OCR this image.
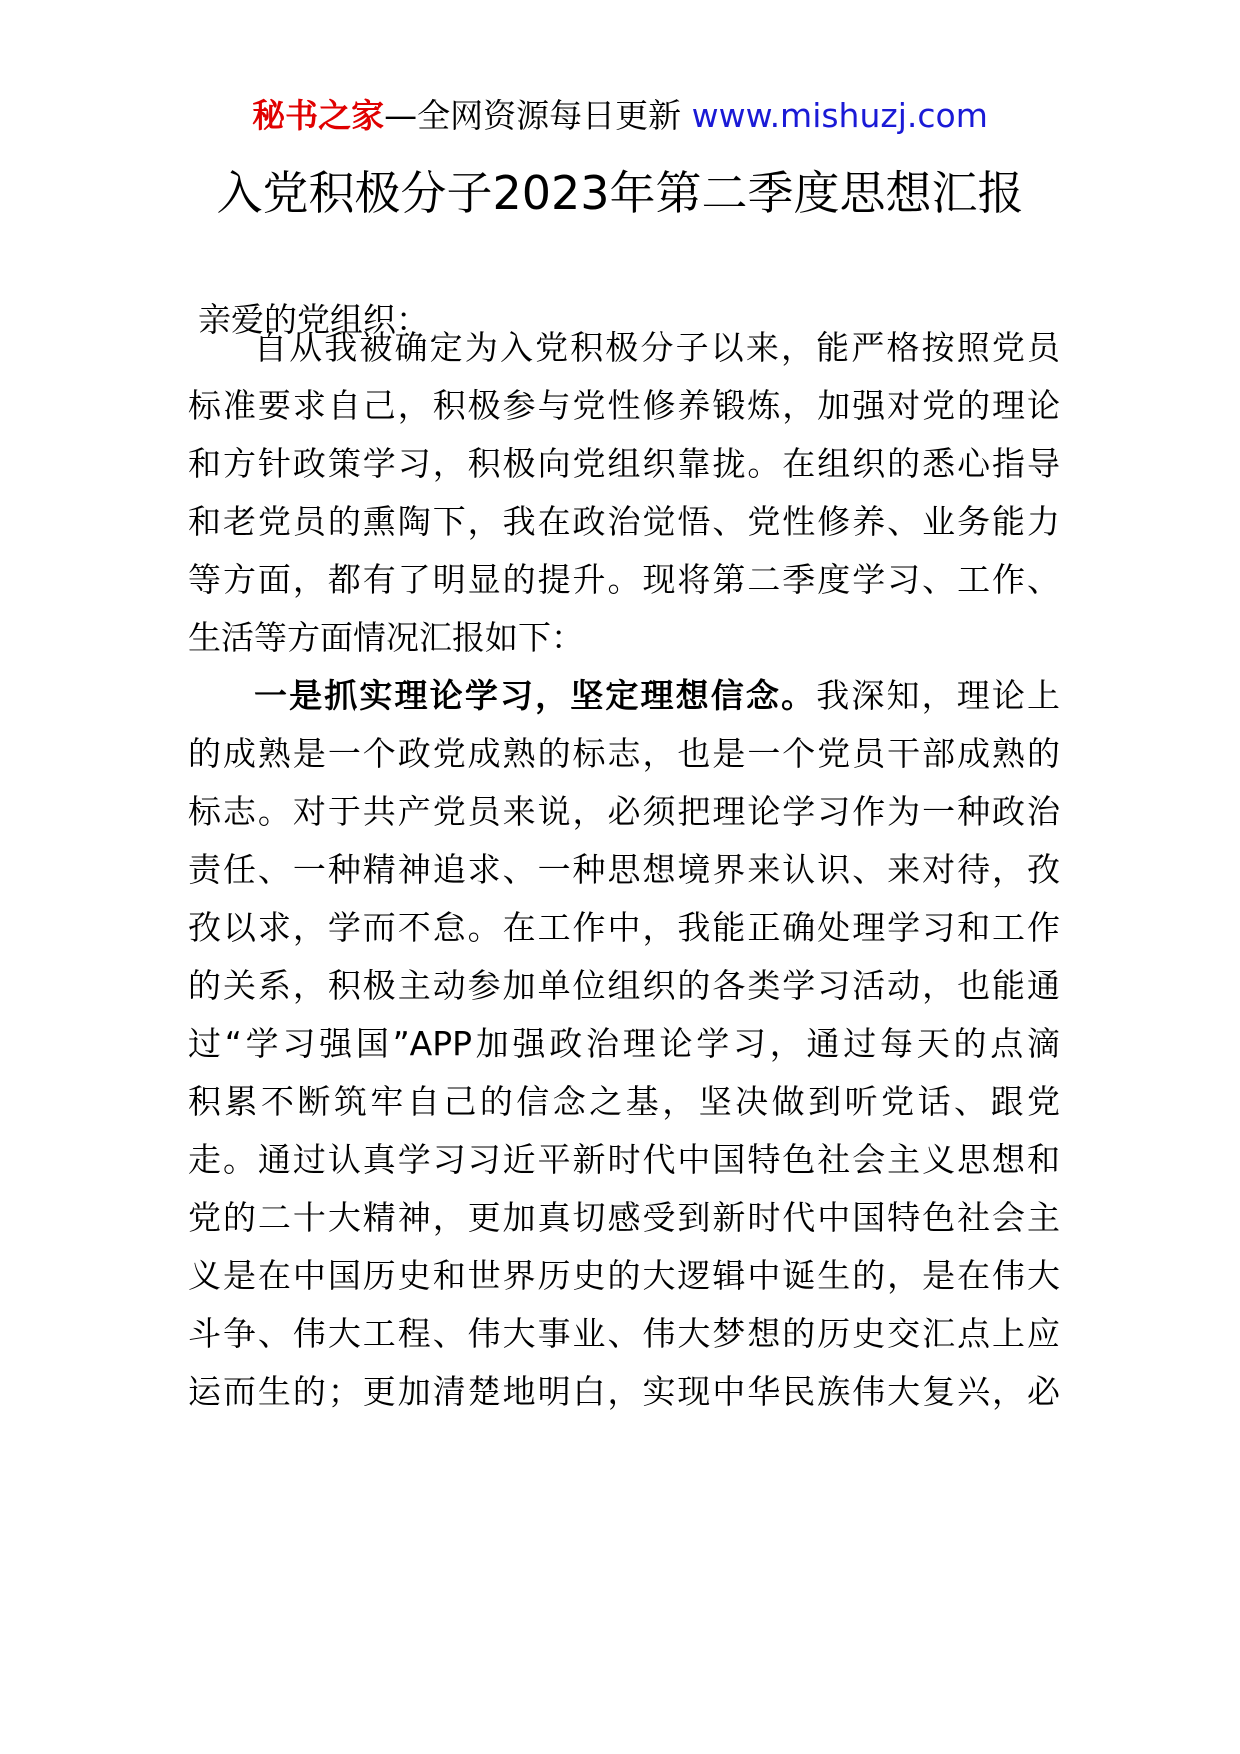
秘书之家—全网资源每日更新 www.mishuzj.com
入党积极分子2023年第二季度思想汇报
亲爱的党组织：
自从我被确定为入党积极分子以来，能严格按照党员
标准要求自己，积极参与党性修养锻炼，加强对党的理论
和方针政策学习，积极向党组织靠拢。在组织的悉心指导
和老党员的熏陶下，我在政治觉悟、党性修养、业务能力
等方面，都有了明显的提升。现将第二季度学习、工作、
生活等方面情况汇报如下：
一是抓实理论学习，坚定理想信念。我深知，理论上
的成熟是一个政党成熟的标志，也是一个党员干部成熟的
标志。对于共产党员来说，必须把理论学习作为一种政治
责任、一种精神追求、一种思想境界来认识、来对待，孜
孜以求，学而不怠。在工作中，我能正确处理学习和工作
的关系，积极主动参加单位组织的各类学习活动，也能通
过“学习强国”APP加强政治理论学习，通过每天的点滴
积累不断筑牢自己的信念之基，坚决做到听党话、跟党
走。通过认真学习习近平新时代中国特色社会主义思想和
党的二十大精神，更加真切感受到新时代中国特色社会主
义是在中国历史和世界历史的大逻辑中诞生的，是在伟大
斗争、伟大工程、伟大事业、伟大梦想的历史交汇点上应
运而生的；更加清楚地明白，实现中华民族伟大复兴，必
